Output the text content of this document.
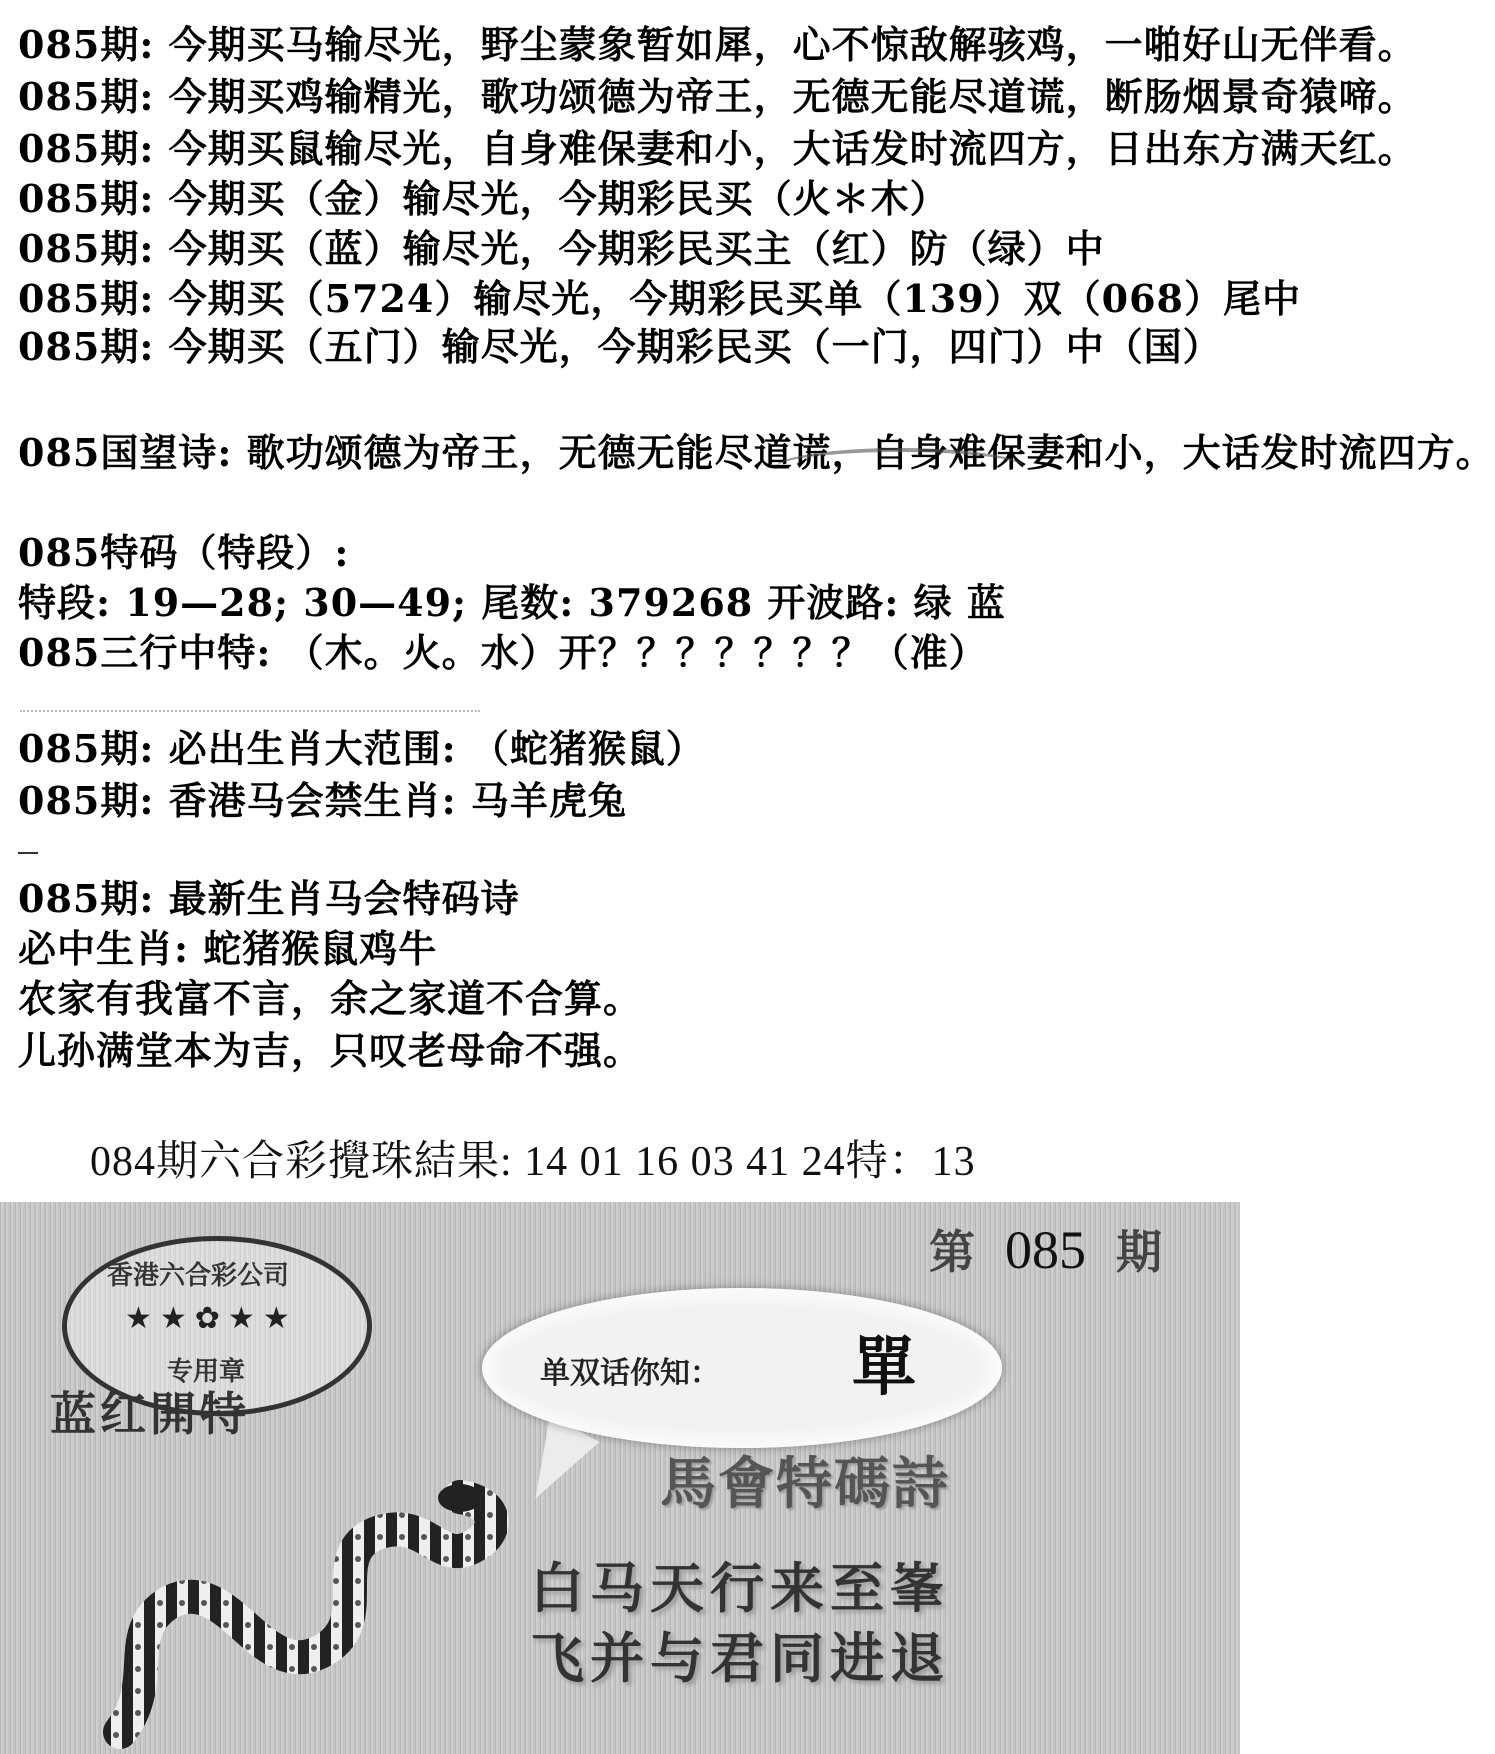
085期: 今期买马输尽光，野尘蒙象暂如犀，心不惊敌解骇鸡，一啪好山无伴看。
085期: 今期买鸡输精光，歌功颂德为帝王，无德无能尽道谎，断肠烟景奇猿啼。
085期: 今期买鼠输尽光，自身难保妻和小，大话发时流四方，日出东方满天红。
085期: 今期买（金）输尽光，今期彩民买（火＊木）
085期: 今期买（蓝）输尽光，今期彩民买主（红）防（绿）中
085期: 今期买（5724）输尽光，今期彩民买单（139）双（068）尾中
085期: 今期买（五门）输尽光，今期彩民买（一门，四门）中（国）
085国望诗: 歌功颂德为帝王，无德无能尽道谎，自身难保妻和小，大话发时流四方。
085特码（特段）:
特段: 19—28; 30—49; 尾数: 379268 开波路: 绿 蓝
085三行中特: （木。火。水）开？？？？？？？（准）
085期: 必出生肖大范围: （蛇猪猴鼠）
085期: 香港马会禁生肖: 马羊虎兔
085期: 最新生肖马会特码诗
必中生肖: 蛇猪猴鼠鸡牛
农家有我富不言，余之家道不合算。
儿孙满堂本为吉，只叹老母命不强。
084期六合彩攪珠結果: 14 01 16 03 41 24特：13
香港六合彩公司
★★✿★★
专用章
蓝红開特
第 085 期
单双话你知： 單
馬會特碼詩
白马天行来至峯
飞并与君同进退
